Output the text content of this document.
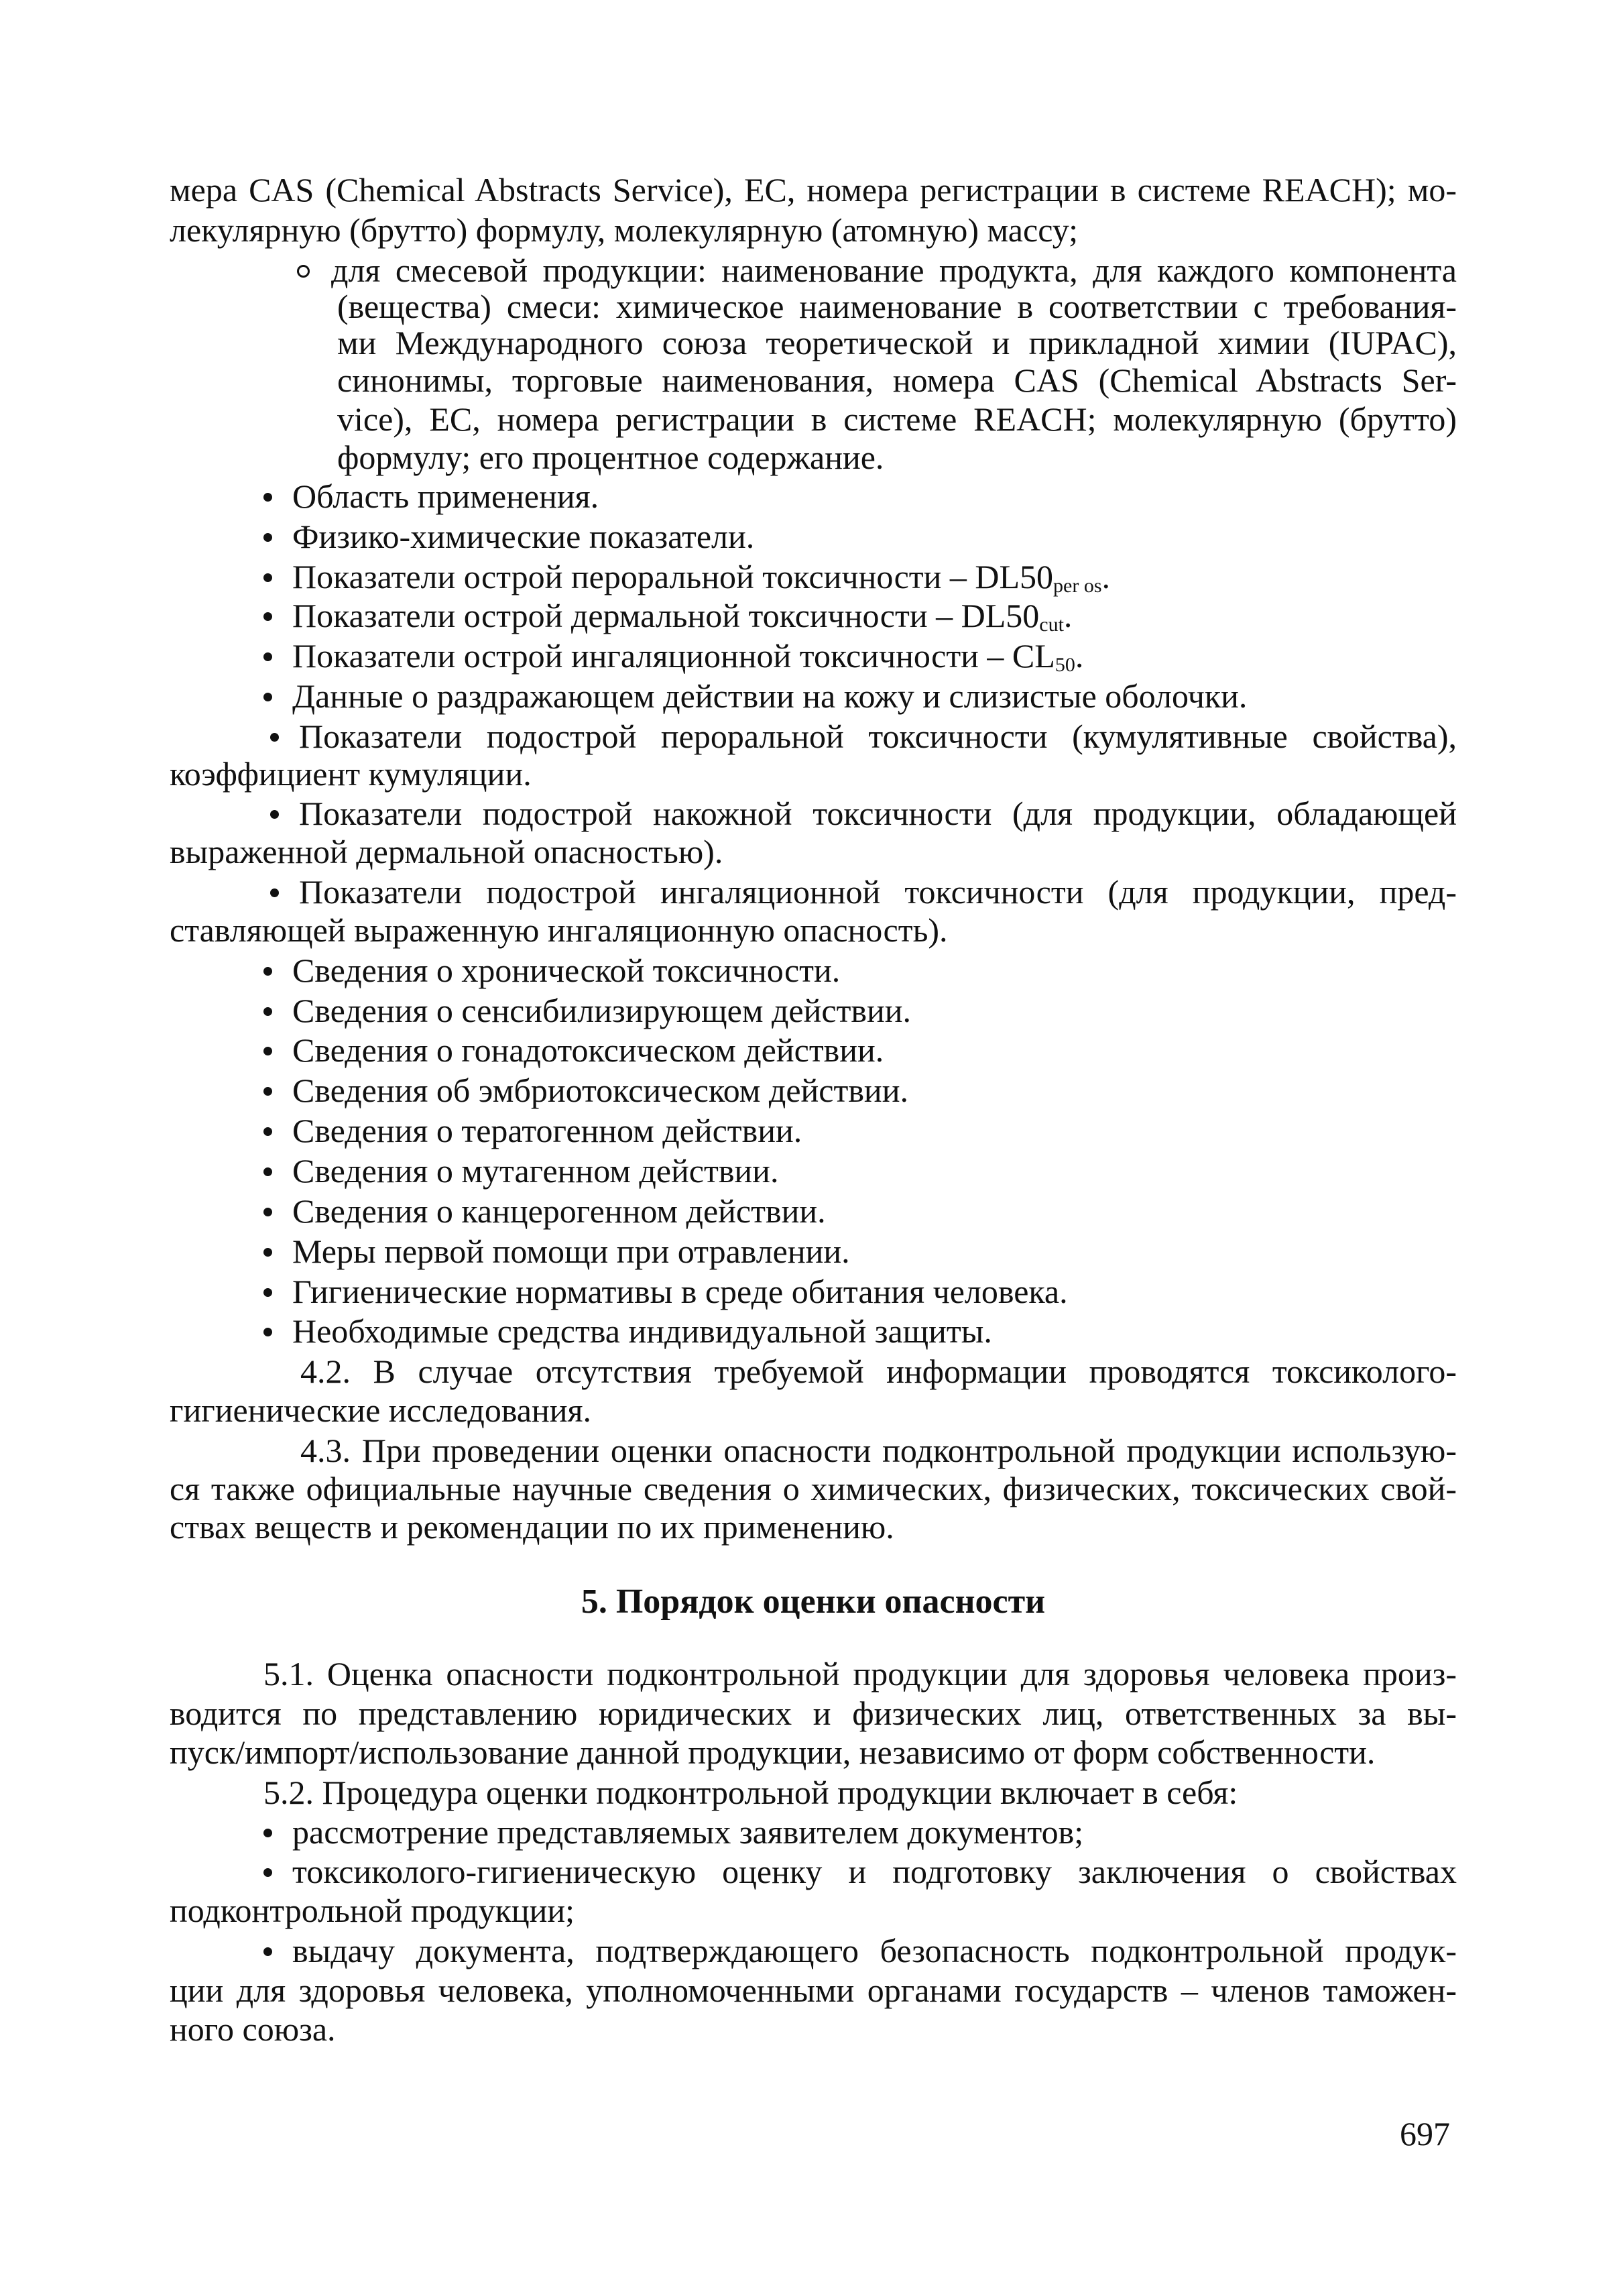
мера CAS (Chemical Abstracts Service), EC, номера регистрации в системе REACH); мо-
лекулярную (брутто) формулу, молекулярную (атомную) массу;
для смесевой продукции: наименование продукта, для каждого компонента
(вещества) смеси: химическое наименование в соответствии с требования-
ми Международного союза теоретической и прикладной химии (IUPAC),
синонимы, торговые наименования, номера CAS (Chemical Abstracts Ser-
vice), EC, номера регистрации в системе REACH; молекулярную (брутто)
формулу; его процентное содержание.
Область применения.
Физико-химические показатели.
Показатели острой пероральной токсичности – $DL50_{per os}$.
Показатели острой дермальной токсичности – $DL50_{cut}$.
Показатели острой ингаляционной токсичности – $CL_{50}$.
Данные о раздражающем действии на кожу и слизистые оболочки.
Показатели подострой пероральной токсичности (кумулятивные свойства),
коэффициент кумуляции.
Показатели подострой накожной токсичности (для продукции, обладающей
выраженной дермальной опасностью).
Показатели подострой ингаляционной токсичности (для продукции, пред-
ставляющей выраженную ингаляционную опасность).
Сведения о хронической токсичности.
Сведения о сенсибилизирующем действии.
Сведения о гонадотоксическом действии.
Сведения об эмбриотоксическом действии.
Сведения о тератогенном действии.
Сведения о мутагенном действии.
Сведения о канцерогенном действии.
Меры первой помощи при отравлении.
Гигиенические нормативы в среде обитания человека.
Необходимые средства индивидуальной защиты.
4.2. В случае отсутствия требуемой информации проводятся токсиколого-
гигиенические исследования.
4.3. При проведении оценки опасности подконтрольной продукции использую-
ся также официальные научные сведения о химических, физических, токсических свой-
ствах веществ и рекомендации по их применению.
5. Порядок оценки опасности
5.1. Оценка опасности подконтрольной продукции для здоровья человека произ-
водится по представлению юридических и физических лиц, ответственных за вы-
пуск/импорт/использование данной продукции, независимо от форм собственности.
5.2. Процедура оценки подконтрольной продукции включает в себя:
рассмотрение представляемых заявителем документов;
токсиколого-гигиеническую оценку и подготовку заключения о свойствах
подконтрольной продукции;
выдачу документа, подтверждающего безопасность подконтрольной продук-
ции для здоровья человека, уполномоченными органами государств – членов таможен-
ного союза.
697
